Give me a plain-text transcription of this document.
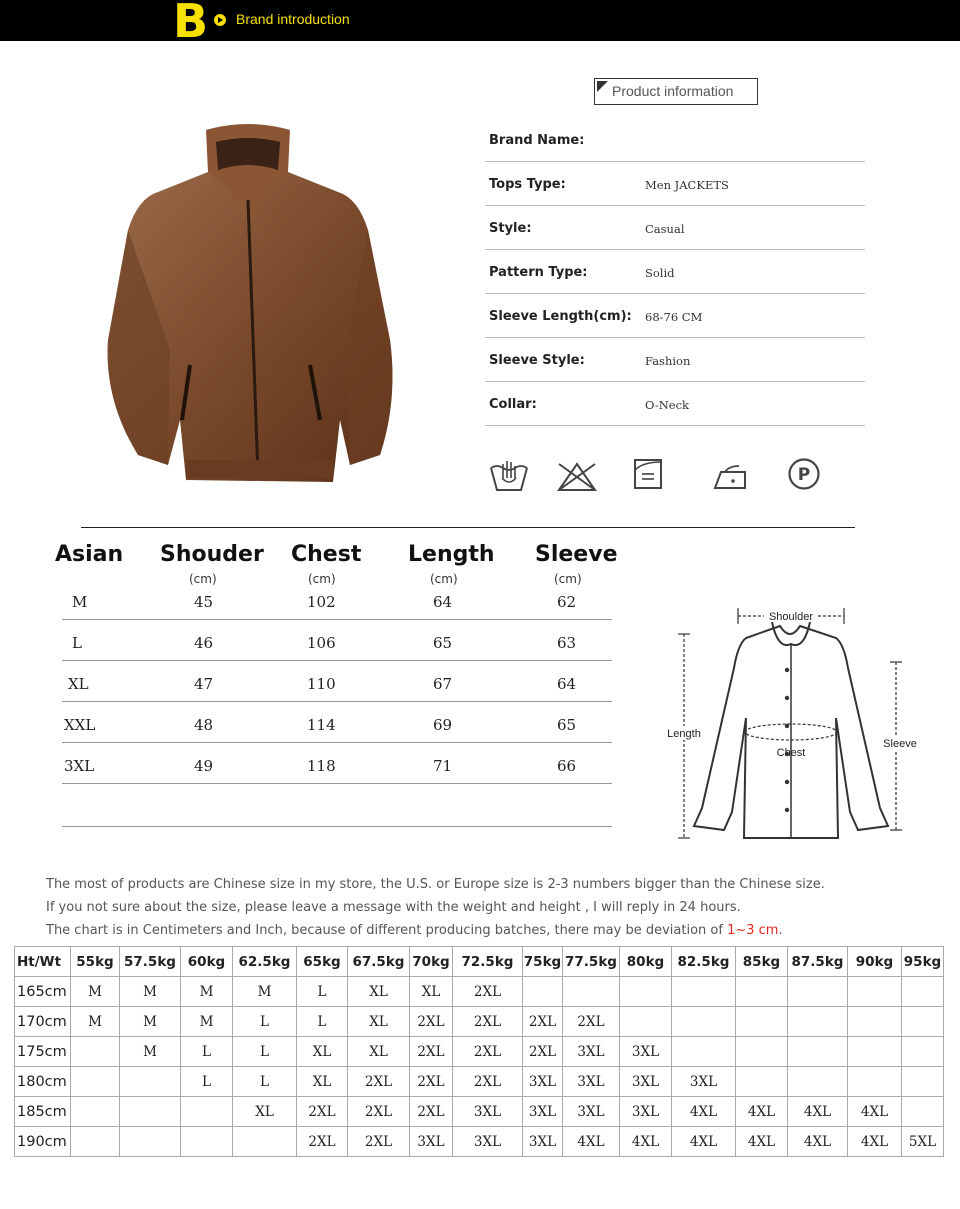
B Brand introduction
Product information
Brand Name:
Tops Type:	Men JACKETS
Style:	Casual
Pattern Type:	Solid
Sleeve Length(cm): 68-76 CM
Sleeve Style:	Fashion
Collar:	O-Neck
P
Asian Shouder Chest Length Sleeve
(cm)	(cm)	(cm)	(cm)
M	45	102	64	62
L	46	106	65	63
XL	47	110	67	64
XXL	48	114	69	65
3XL	49	118	71	66
Shoulder
Length
Chest
Sleeve
The most of products are Chinese size in my store, the U.S. or Europe size is 2-3 numbers bigger than the Chinese size.
If you not sure about the size, please leave a message with the weight and height , I will reply in 24 hours.
The chart is in Centimeters and Inch, because of different producing batches, there may be deviation of 1~3 cm.
Ht/Wt	55kg	57.5kg	60kg	62.5kg	65kg	67.5kg	70kg	72.5kg	75kg	77.5kg	80kg	82.5kg	85kg	87.5kg	90kg	95kg
165cm	M	M	M	M	L	XL	XL	2XL								
170cm	M	M	M	L	L	XL	2XL	2XL	2XL	2XL						
175cm		M	L	L	XL	XL	2XL	2XL	2XL	3XL	3XL					
180cm			L	L	XL	2XL	2XL	2XL	3XL	3XL	3XL	3XL				
185cm				XL	2XL	2XL	2XL	3XL	3XL	3XL	3XL	4XL	4XL	4XL	4XL	
190cm					2XL	2XL	3XL	3XL	3XL	4XL	4XL	4XL	4XL	4XL	4XL	5XL
